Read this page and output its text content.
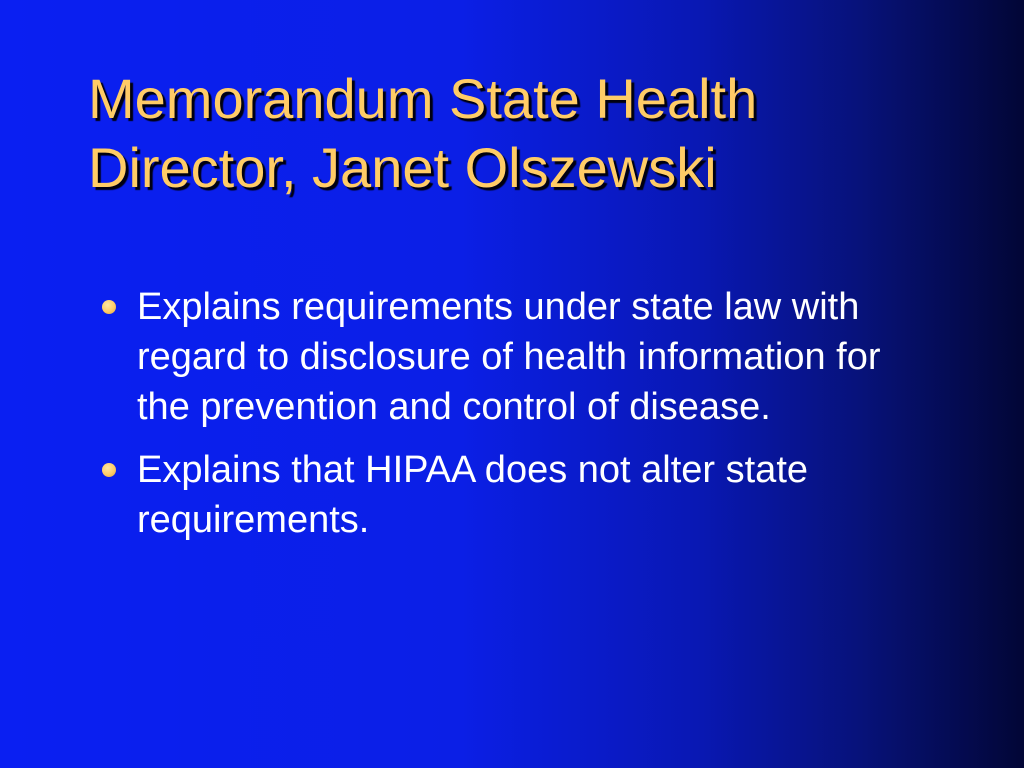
Memorandum State Health Director, Janet Olszewski
Explains requirements under state law with regard to disclosure of health information for the prevention and control of disease.
Explains that HIPAA does not alter state requirements.
